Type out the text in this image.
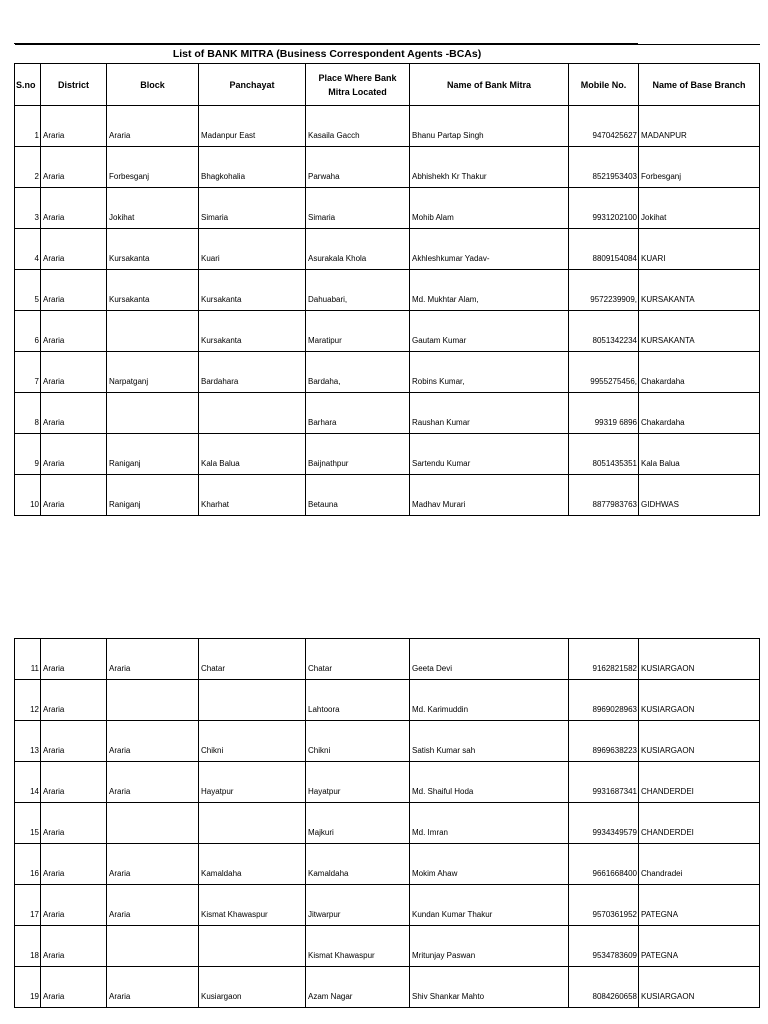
List of BANK MITRA (Business Correspondent Agents -BCAs)							
S.no	District	Block	Panchayat	Place Where Bank Mitra Located	Name of Bank Mitra	Mobile No.	Name of Base Branch
1	Araria	Araria	Madanpur East	Kasaila Gacch	Bhanu Partap Singh	9470425627	MADANPUR
2	Araria	Forbesganj	Bhagkohalia	Parwaha	Abhishekh Kr Thakur	8521953403	Forbesganj
3	Araria	Jokihat	Simaria	Simaria	Mohib Alam	9931202100	Jokihat
4	Araria	Kursakanta	Kuari	Asurakala Khola	Akhleshkumar Yadav-	8809154084	KUARI
5	Araria	Kursakanta	Kursakanta	Dahuabari,	Md. Mukhtar Alam,	9572239909,	KURSAKANTA
6	Araria		Kursakanta	Maratipur	Gautam Kumar	8051342234	KURSAKANTA
7	Araria	Narpatganj	Bardahara	Bardaha,	Robins Kumar,	9955275456,	Chakardaha
8	Araria			Barhara	Raushan Kumar	99319 6896	Chakardaha
9	Araria	Raniganj	Kala Balua	Baijnathpur	Sartendu Kumar	8051435351	Kala Balua
10	Araria	Raniganj	Kharhat	Betauna	Madhav Murari	8877983763	GIDHWAS
11	Araria	Araria	Chatar	Chatar	Geeta Devi	9162821582	KUSIARGAON
12	Araria			Lahtoora	Md. Karimuddin	8969028963	KUSIARGAON
13	Araria	Araria	Chikni	Chikni	Satish Kumar sah	8969638223	KUSIARGAON
14	Araria	Araria	Hayatpur	Hayatpur	Md. Shaiful Hoda	9931687341	CHANDERDEI
15	Araria			Majkuri	Md. Imran	9934349579	CHANDERDEI
16	Araria	Araria	Kamaldaha	Kamaldaha	Mokim Ahaw	9661668400	Chandradei
17	Araria	Araria	Kismat Khawaspur	Jitwarpur	Kundan Kumar Thakur	9570361952	PATEGNA
18	Araria			Kismat Khawaspur	Mritunjay Paswan	9534783609	PATEGNA
19	Araria	Araria	Kusiargaon	Azam Nagar	Shiv Shankar Mahto	8084260658	KUSIARGAON
